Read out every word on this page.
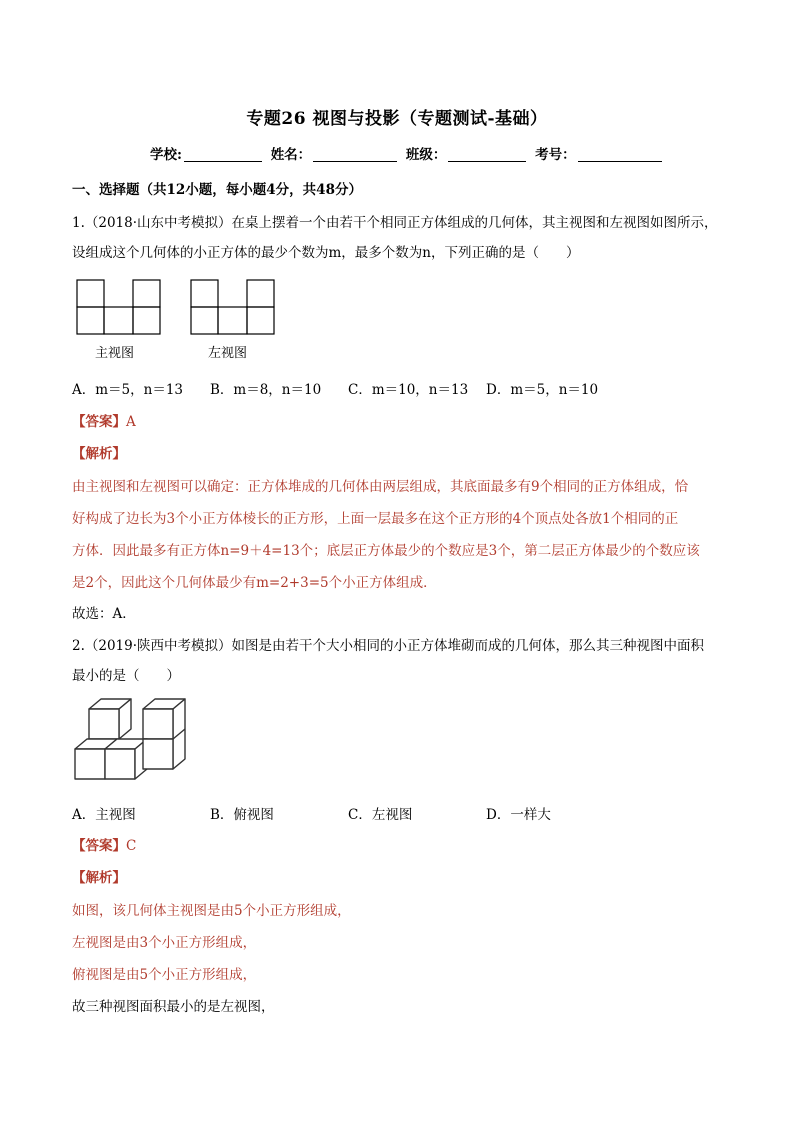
专题26 视图与投影（专题测试-基础）
学校:	姓名：	班级：	考号：
一、选择题（共12小题，每小题4分，共48分）
1.（2018·山东中考模拟）在桌上摆着一个由若干个相同正方体组成的几何体，其主视图和左视图如图所示，
设组成这个几何体的小正方体的最少个数为m，最多个数为n，下列正确的是（　　）
主视图	左视图
A．m＝5，n＝13 B．m＝8，n＝10 C．m＝10，n＝13 D．m＝5，n＝10
【答案】A
【解析】
由主视图和左视图可以确定：正方体堆成的几何体由两层组成，其底面最多有9个相同的正方体组成，恰
好构成了边长为3个小正方体棱长的正方形，上面一层最多在这个正方形的4个顶点处各放1个相同的正
方体．因此最多有正方体n=9＋4=13个；底层正方体最少的个数应是3个，第二层正方体最少的个数应该
是2个，因此这个几何体最少有m=2+3=5个小正方体组成．
故选：A．
2.（2019·陕西中考模拟）如图是由若干个大小相同的小正方体堆砌而成的几何体，那么其三种视图中面积
最小的是（　　）
A．主视图	B．俯视图	C．左视图	D．一样大
【答案】C
【解析】
如图，该几何体主视图是由5个小正方形组成，
左视图是由3个小正方形组成，
俯视图是由5个小正方形组成，
故三种视图面积最小的是左视图，
